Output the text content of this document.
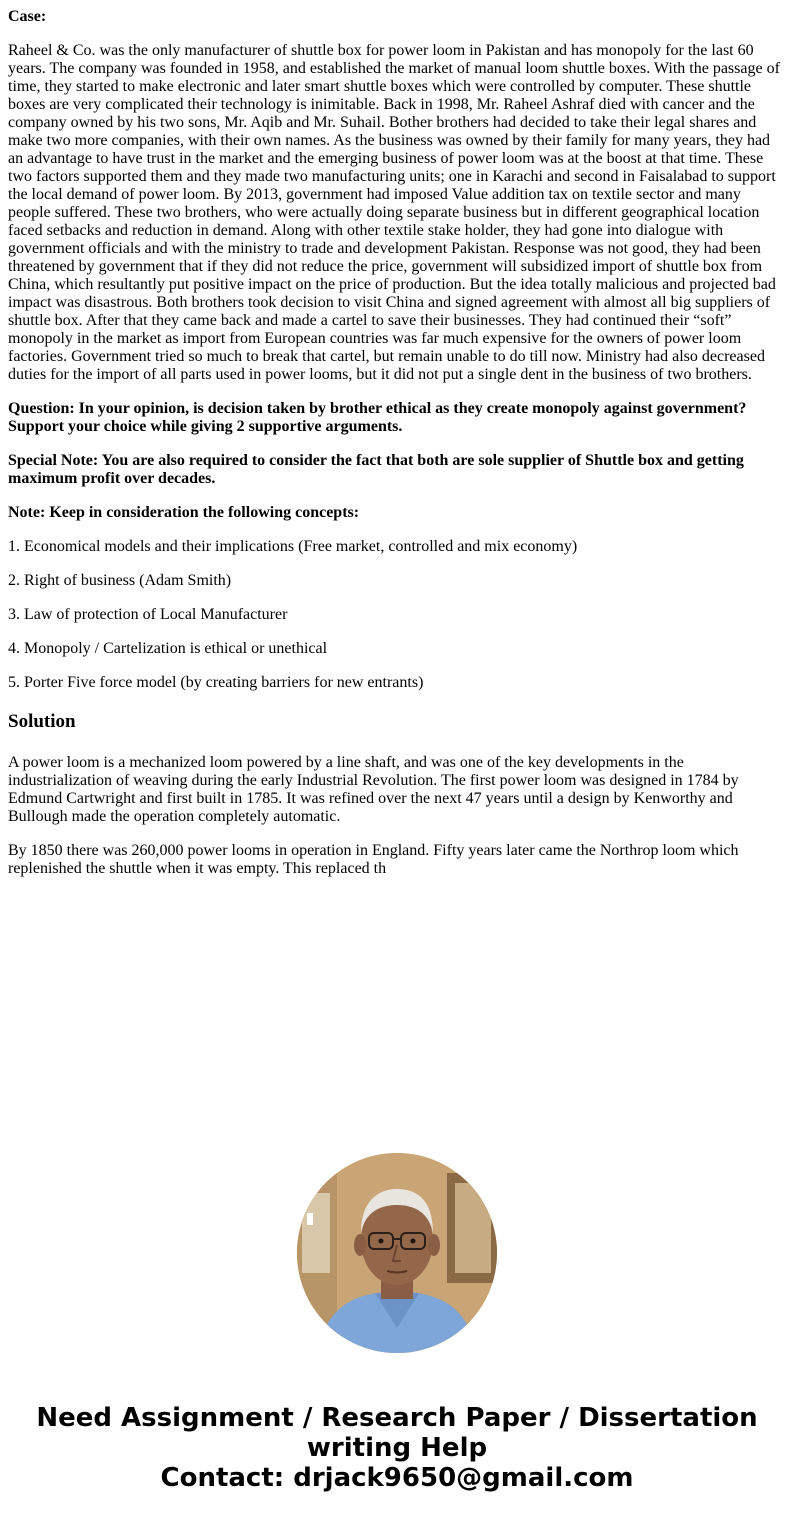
Case:

Raheel & Co. was the only manufacturer of shuttle box for power loom in Pakistan and has monopoly for the last 60 years. The company was founded in 1958, and established the market of manual loom shuttle boxes. With the passage of time, they started to make electronic and later smart shuttle boxes which were controlled by computer. These shuttle boxes are very complicated their technology is inimitable. Back in 1998, Mr. Raheel Ashraf died with cancer and the company owned by his two sons, Mr. Aqib and Mr. Suhail. Bother brothers had decided to take their legal shares and make two more companies, with their own names. As the business was owned by their family for many years, they had an advantage to have trust in the market and the emerging business of power loom was at the boost at that time. These two factors supported them and they made two manufacturing units; one in Karachi and second in Faisalabad to support the local demand of power loom. By 2013, government had imposed Value addition tax on textile sector and many people suffered. These two brothers, who were actually doing separate business but in different geographical location faced setbacks and reduction in demand. Along with other textile stake holder, they had gone into dialogue with government officials and with the ministry to trade and development Pakistan. Response was not good, they had been threatened by government that if they did not reduce the price, government will subsidized import of shuttle box from China, which resultantly put positive impact on the price of production. But the idea totally malicious and projected bad impact was disastrous. Both brothers took decision to visit China and signed agreement with almost all big suppliers of shuttle box. After that they came back and made a cartel to save their businesses. They had continued their “soft” monopoly in the market as import from European countries was far much expensive for the owners of power loom factories. Government tried so much to break that cartel, but remain unable to do till now. Ministry had also decreased duties for the import of all parts used in power looms, but it did not put a single dent in the business of two brothers.

Question: In your opinion, is decision taken by brother ethical as they create monopoly against government? Support your choice while giving 2 supportive arguments.

Special Note: You are also required to consider the fact that both are sole supplier of Shuttle box and getting maximum profit over decades.

Note: Keep in consideration the following concepts:

1. Economical models and their implications (Free market, controlled and mix economy)

2. Right of business (Adam Smith)

3. Law of protection of Local Manufacturer

4. Monopoly / Cartelization is ethical or unethical

5. Porter Five force model (by creating barriers for new entrants)

Solution

A power loom is a mechanized loom powered by a line shaft, and was one of the key developments in the industrialization of weaving during the early Industrial Revolution. The first power loom was designed in 1784 by Edmund Cartwright and first built in 1785. It was refined over the next 47 years until a design by Kenworthy and Bullough made the operation completely automatic.

By 1850 there was 260,000 power looms in operation in England. Fifty years later came the Northrop loom which replenished the shuttle when it was empty. This replaced th

Need Assignment / Research Paper / Dissertation
writing Help
Contact: drjack9650@gmail.com
